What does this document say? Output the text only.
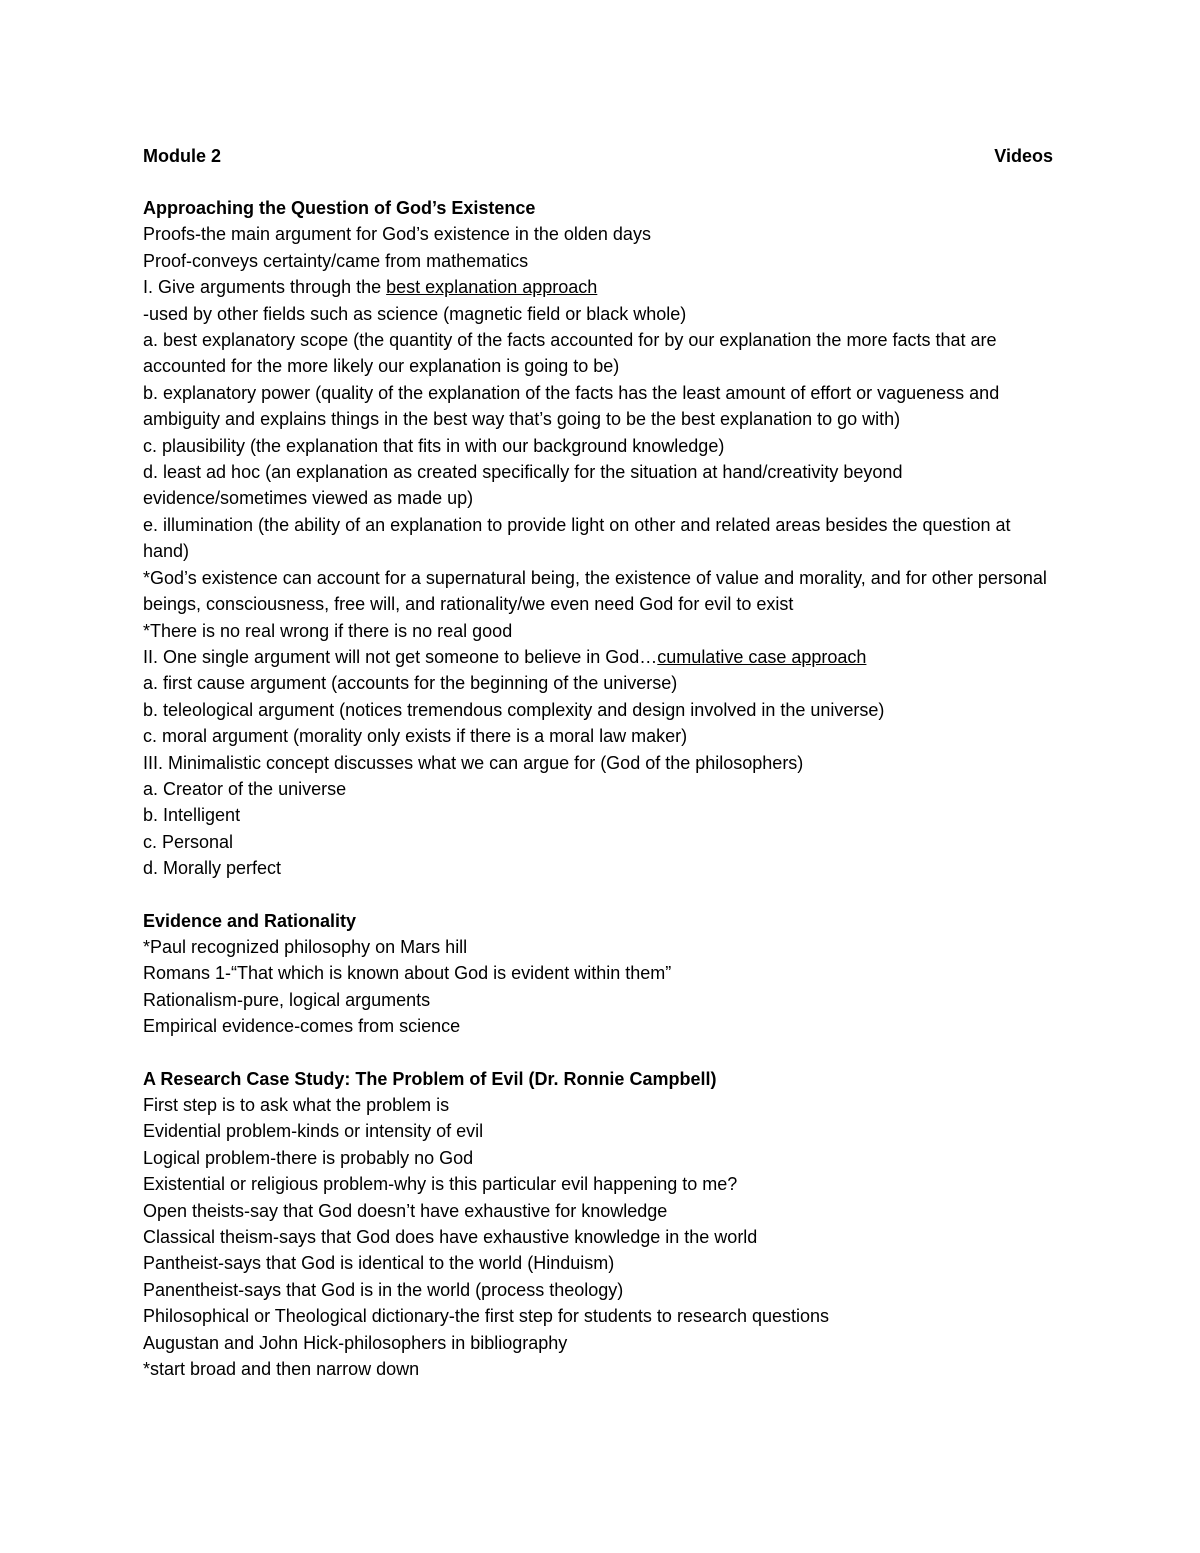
Module 2	Videos
Approaching the Question of God’s Existence
Proofs-the main argument for God’s existence in the olden days
Proof-conveys certainty/came from mathematics
I. Give arguments through the best explanation approach
-used by other fields such as science (magnetic field or black whole)
a. best explanatory scope (the quantity of the facts accounted for by our explanation the more facts that are accounted for the more likely our explanation is going to be)
b. explanatory power (quality of the explanation of the facts has the least amount of effort or vagueness and ambiguity and explains things in the best way that’s going to be the best explanation to go with)
c. plausibility (the explanation that fits in with our background knowledge)
d. least ad hoc (an explanation as created specifically for the situation at hand/creativity beyond evidence/sometimes viewed as made up)
e. illumination (the ability of an explanation to provide light on other and related areas besides the question at hand)
*God’s existence can account for a supernatural being, the existence of value and morality, and for other personal beings, consciousness, free will, and rationality/we even need God for evil to exist
*There is no real wrong if there is no real good
II. One single argument will not get someone to believe in God…cumulative case approach
a. first cause argument (accounts for the beginning of the universe)
b. teleological argument (notices tremendous complexity and design involved in the universe)
c. moral argument (morality only exists if there is a moral law maker)
III. Minimalistic concept discusses what we can argue for (God of the philosophers)
a. Creator of the universe
b. Intelligent
c. Personal
d. Morally perfect
Evidence and Rationality
*Paul recognized philosophy on Mars hill
Romans 1-“That which is known about God is evident within them”
Rationalism-pure, logical arguments
Empirical evidence-comes from science
A Research Case Study: The Problem of Evil (Dr. Ronnie Campbell)
First step is to ask what the problem is
Evidential problem-kinds or intensity of evil
Logical problem-there is probably no God
Existential or religious problem-why is this particular evil happening to me?
Open theists-say that God doesn’t have exhaustive for knowledge
Classical theism-says that God does have exhaustive knowledge in the world
Pantheist-says that God is identical to the world (Hinduism)
Panentheist-says that God is in the world (process theology)
Philosophical or Theological dictionary-the first step for students to research questions
Augustan and John Hick-philosophers in bibliography
*start broad and then narrow down
